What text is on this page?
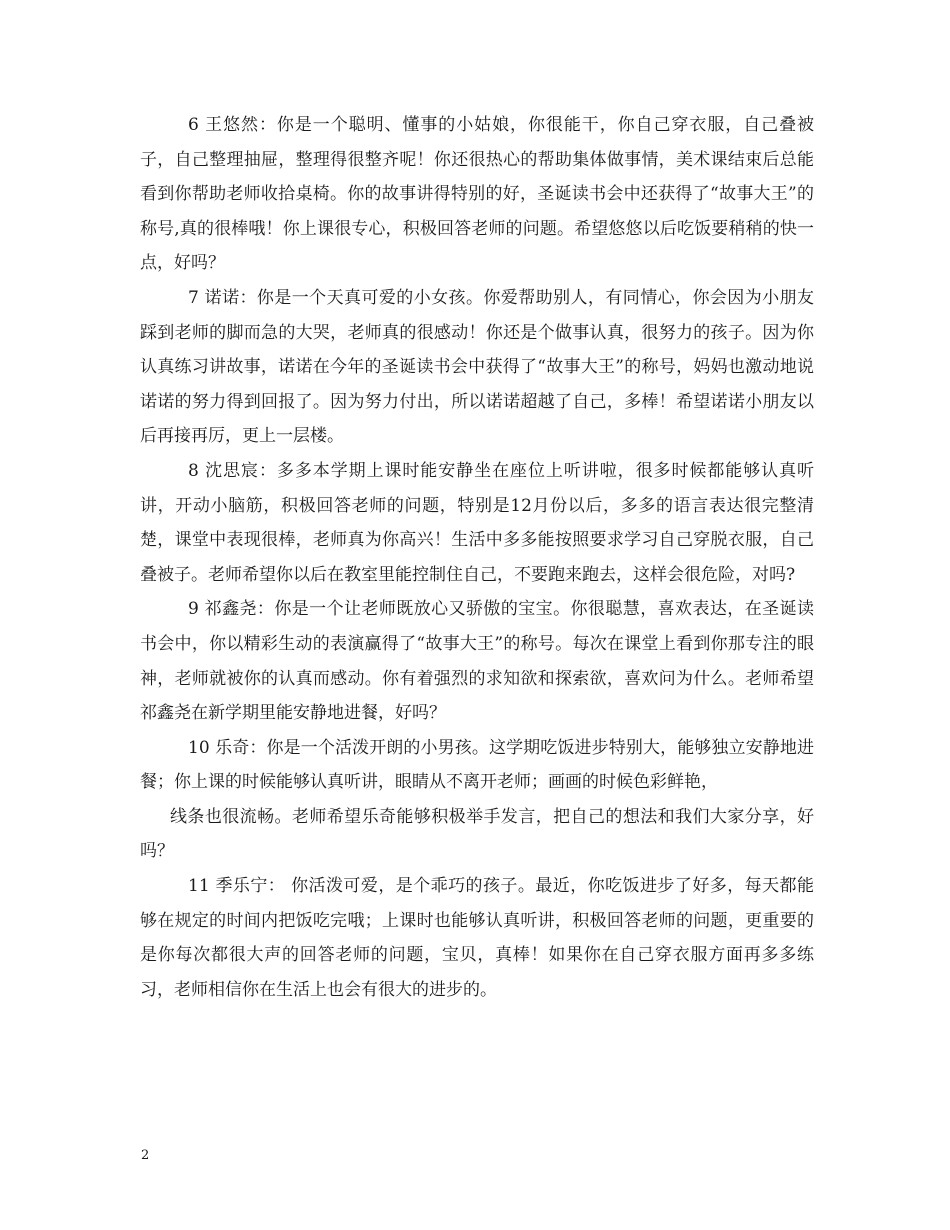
6 王悠然：你是一个聪明、懂事的小姑娘，你很能干，你自己穿衣服，自己叠被子，自己整理抽屉，整理得很整齐呢！你还很热心的帮助集体做事情，美术课结束后总能看到你帮助老师收拾桌椅。你的故事讲得特别的好，圣诞读书会中还获得了“故事大王”的称号,真的很棒哦！你上课很专心，积极回答老师的问题。希望悠悠以后吃饭要稍稍的快一点，好吗？

7 诺诺：你是一个天真可爱的小女孩。你爱帮助别人，有同情心，你会因为小朋友踩到老师的脚而急的大哭，老师真的很感动！你还是个做事认真，很努力的孩子。因为你认真练习讲故事，诺诺在今年的圣诞读书会中获得了“故事大王”的称号，妈妈也激动地说诺诺的努力得到回报了。因为努力付出，所以诺诺超越了自己，多棒！希望诺诺小朋友以后再接再厉，更上一层楼。

8 沈思宸：多多本学期上课时能安静坐在座位上听讲啦，很多时候都能够认真听讲，开动小脑筋，积极回答老师的问题，特别是12月份以后，多多的语言表达很完整清楚，课堂中表现很棒，老师真为你高兴！生活中多多能按照要求学习自己穿脱衣服，自己叠被子。老师希望你以后在教室里能控制住自己，不要跑来跑去，这样会很危险，对吗?

9 祁鑫尧：你是一个让老师既放心又骄傲的宝宝。你很聪慧，喜欢表达，在圣诞读书会中，你以精彩生动的表演赢得了“故事大王”的称号。每次在课堂上看到你那专注的眼神，老师就被你的认真而感动。你有着强烈的求知欲和探索欲，喜欢问为什么。老师希望祁鑫尧在新学期里能安静地进餐，好吗？

10 乐奇：你是一个活泼开朗的小男孩。这学期吃饭进步特别大，能够独立安静地进餐；你上课的时候能够认真听讲，眼睛从不离开老师；画画的时候色彩鲜艳，

线条也很流畅。老师希望乐奇能够积极举手发言，把自己的想法和我们大家分享，好吗？

11 季乐宁： 你活泼可爱，是个乖巧的孩子。最近，你吃饭进步了好多，每天都能够在规定的时间内把饭吃完哦；上课时也能够认真听讲，积极回答老师的问题，更重要的是你每次都很大声的回答老师的问题，宝贝，真棒！如果你在自己穿衣服方面再多多练习，老师相信你在生活上也会有很大的进步的。

2
